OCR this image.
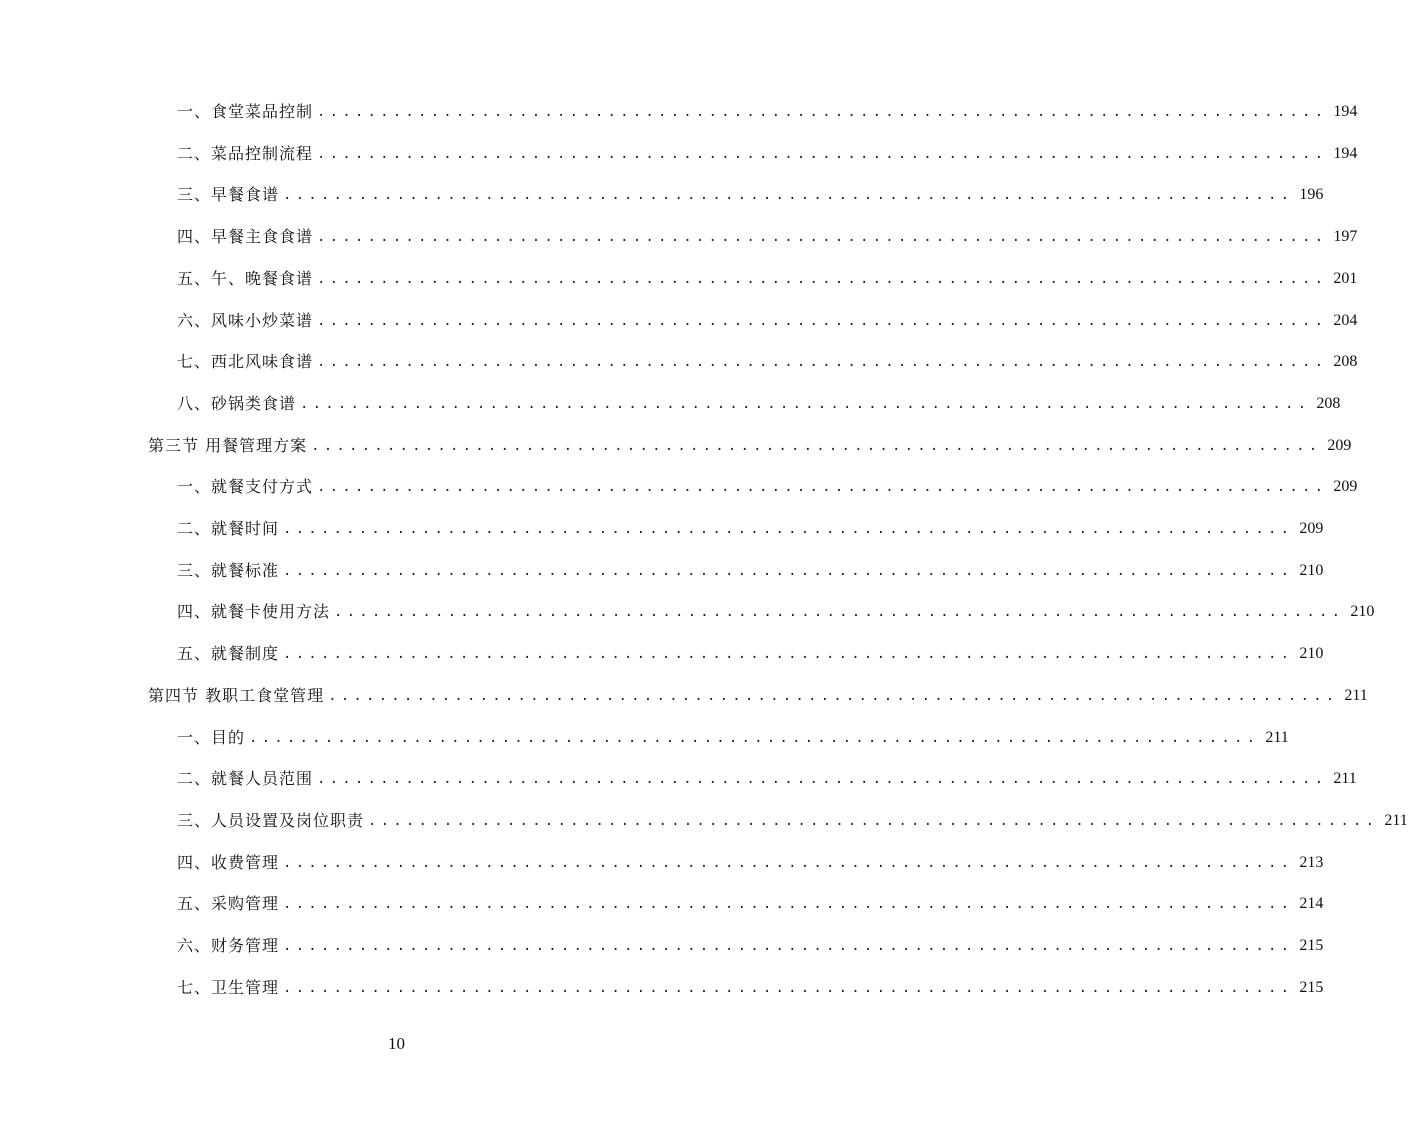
一、食堂菜品控制 ................................................................................ 194
二、菜品控制流程 ................................................................................ 194
三、早餐食谱 ................................................................................ 196
四、早餐主食食谱 ................................................................................ 197
五、午、晚餐食谱 ................................................................................ 201
六、风味小炒菜谱 ................................................................................ 204
七、西北风味食谱 ................................................................................ 208
八、砂锅类食谱 ................................................................................ 208
第三节 用餐管理方案 ................................................................................ 209
一、就餐支付方式 ................................................................................ 209
二、就餐时间 ................................................................................ 209
三、就餐标准 ................................................................................ 210
四、就餐卡使用方法 ................................................................................ 210
五、就餐制度 ................................................................................ 210
第四节 教职工食堂管理 ................................................................................ 211
一、目的 ................................................................................ 211
二、就餐人员范围 ................................................................................ 211
三、人员设置及岗位职责 ................................................................................ 211
四、收费管理 ................................................................................ 213
五、采购管理 ................................................................................ 214
六、财务管理 ................................................................................ 215
七、卫生管理 ................................................................................ 215
10
